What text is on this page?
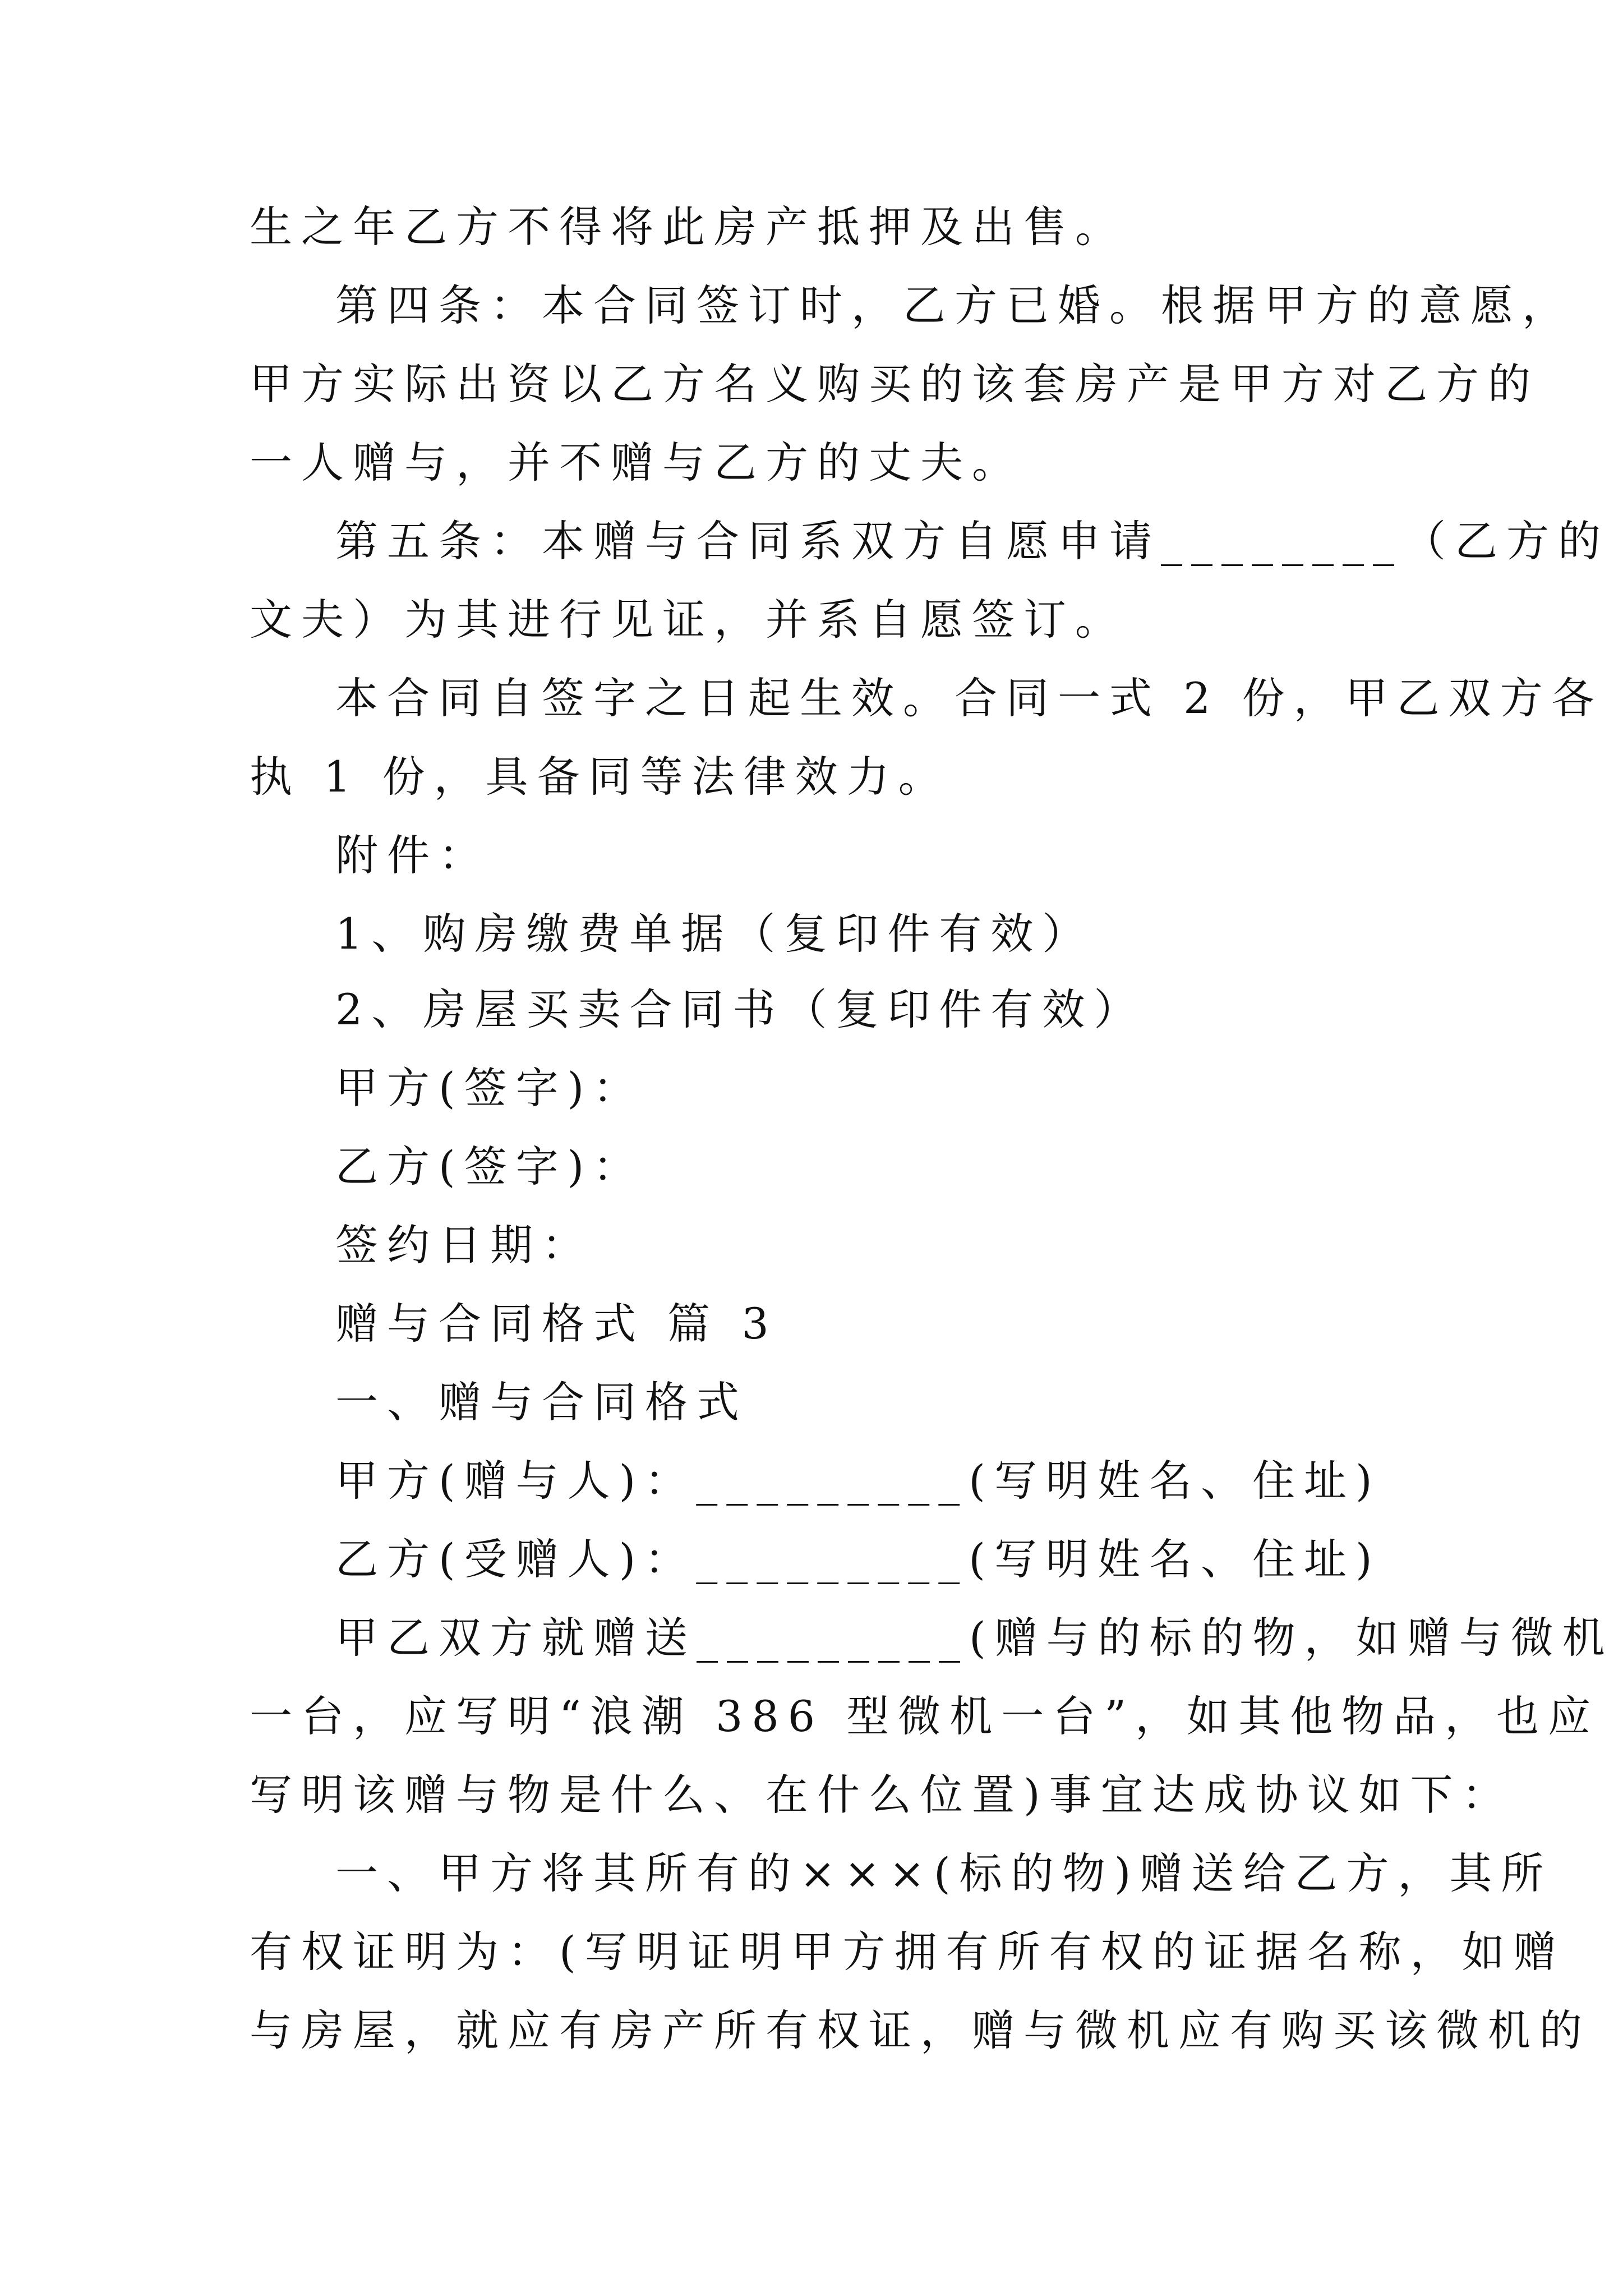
生之年乙方不得将此房产抵押及出售。
第四条：本合同签订时，乙方已婚。根据甲方的意愿，
甲方实际出资以乙方名义购买的该套房产是甲方对乙方的
一人赠与，并不赠与乙方的丈夫。
第五条：本赠与合同系双方自愿申请________（乙方的
文夫）为其进行见证，并系自愿签订。
本合同自签字之日起生效。合同一式 2 份，甲乙双方各
执 1 份，具备同等法律效力。
附件：
1、购房缴费单据（复印件有效）
2、房屋买卖合同书（复印件有效）
甲方(签字)：
乙方(签字)：
签约日期：
赠与合同格式 篇 3
一、赠与合同格式
甲方(赠与人)：_________(写明姓名、住址)
乙方(受赠人)：_________(写明姓名、住址)
甲乙双方就赠送_________(赠与的标的物，如赠与微机
一台，应写明“浪潮 386 型微机一台”，如其他物品，也应
写明该赠与物是什么、在什么位置)事宜达成协议如下：
一、甲方将其所有的×××(标的物)赠送给乙方，其所
有权证明为：(写明证明甲方拥有所有权的证据名称，如赠
与房屋，就应有房产所有权证，赠与微机应有购买该微机的
